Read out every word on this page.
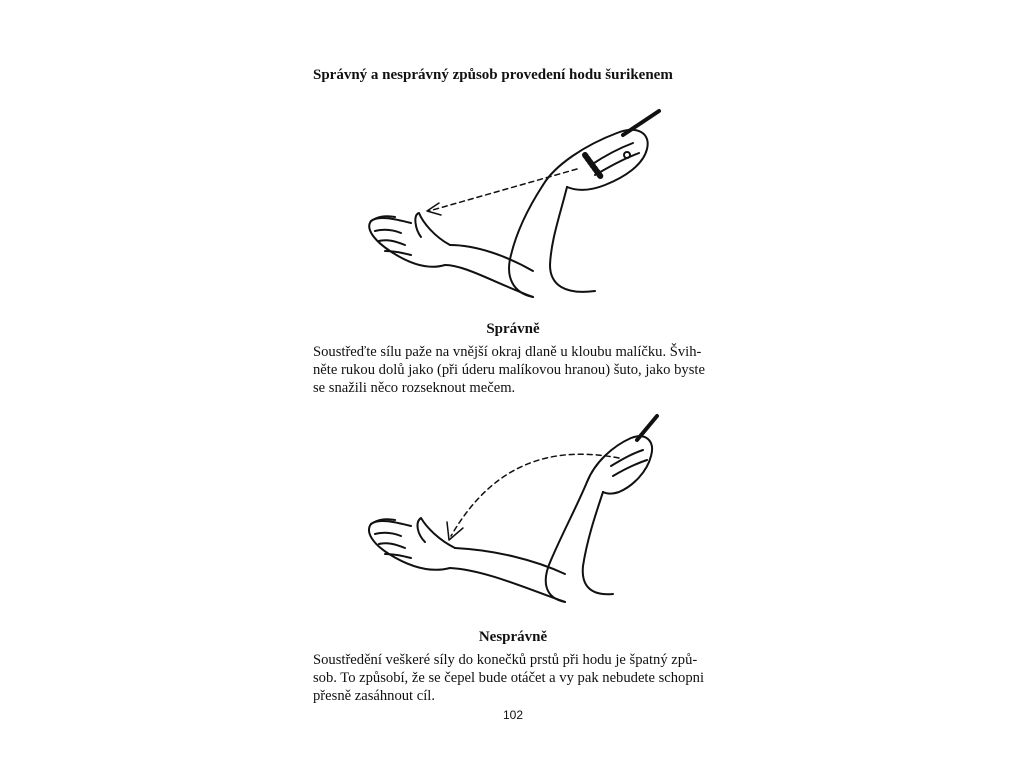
Správný a nesprávný způsob provedení hodu šurikenem
Správně
Soustřeďte sílu paže na vnější okraj dlaně u kloubu malíčku. Švih-
něte rukou dolů jako (při úderu malíkovou hranou) šuto, jako byste
se snažili něco rozseknout mečem.
Nesprávně
Soustředění veškeré síly do konečků prstů při hodu je špatný způ-
sob. To způsobí, že se čepel bude otáčet a vy pak nebudete schopni
přesně zasáhnout cíl.
102
